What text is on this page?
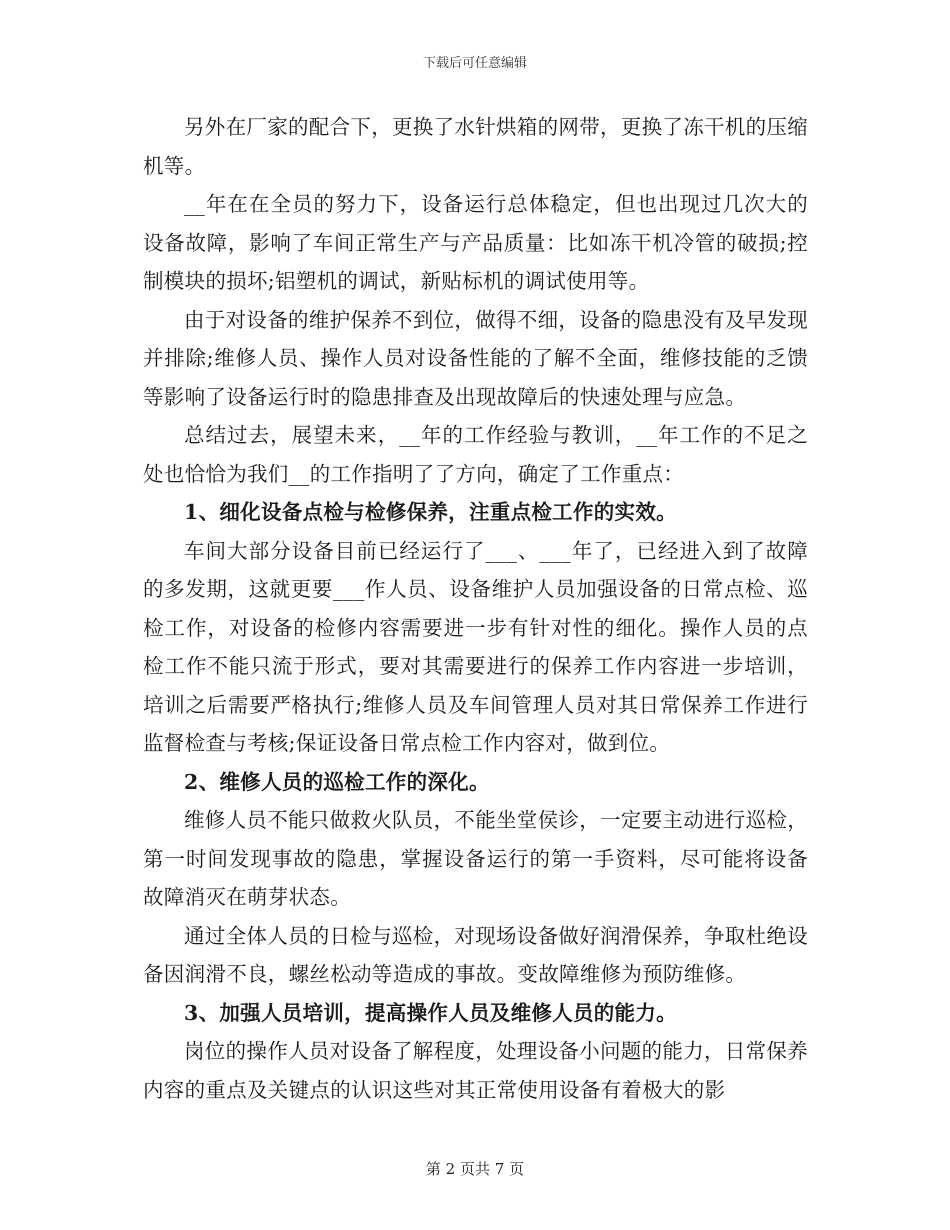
下载后可任意编辑

另外在厂家的配合下，更换了水针烘箱的网带，更换了冻干机的压缩机等。

__年在在全员的努力下，设备运行总体稳定，但也出现过几次大的设备故障，影响了车间正常生产与产品质量：比如冻干机冷管的破损;控制模块的损坏;铝塑机的调试，新贴标机的调试使用等。

由于对设备的维护保养不到位，做得不细，设备的隐患没有及早发现并排除;维修人员、操作人员对设备性能的了解不全面，维修技能的乏馈等影响了设备运行时的隐患排查及出现故障后的快速处理与应急。

总结过去，展望未来，__年的工作经验与教训，__年工作的不足之处也恰恰为我们__的工作指明了了方向，确定了工作重点：

1、细化设备点检与检修保养，注重点检工作的实效。

车间大部分设备目前已经运行了___、___年了，已经进入到了故障的多发期，这就更要___作人员、设备维护人员加强设备的日常点检、巡检工作，对设备的检修内容需要进一步有针对性的细化。操作人员的点检工作不能只流于形式，要对其需要进行的保养工作内容进一步培训，培训之后需要严格执行;维修人员及车间管理人员对其日常保养工作进行监督检查与考核;保证设备日常点检工作内容对，做到位。

2、维修人员的巡检工作的深化。

维修人员不能只做救火队员，不能坐堂侯诊，一定要主动进行巡检，第一时间发现事故的隐患，掌握设备运行的第一手资料，尽可能将设备故障消灭在萌芽状态。

通过全体人员的日检与巡检，对现场设备做好润滑保养，争取杜绝设备因润滑不良，螺丝松动等造成的事故。变故障维修为预防维修。

3、加强人员培训，提高操作人员及维修人员的能力。

岗位的操作人员对设备了解程度，处理设备小问题的能力，日常保养内容的重点及关键点的认识这些对其正常使用设备有着极大的影

第 2 页共 7 页
